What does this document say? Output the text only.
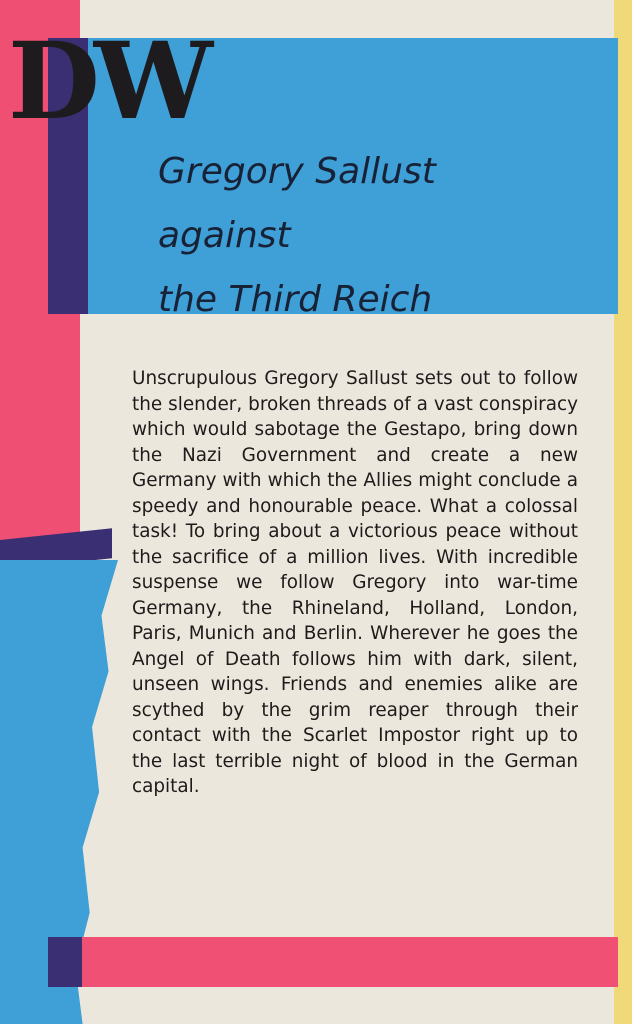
DW
Gregory Sallust
against
the Third Reich

Unscrupulous Gregory Sallust sets out to follow the slender, broken threads of a vast conspiracy which would sabotage the Gestapo, bring down the Nazi Government and create a new Germany with which the Allies might conclude a speedy and honourable peace. What a colossal task! To bring about a victorious peace without the sacrifice of a million lives. With incredible suspense we follow Gregory into war-time Germany, the Rhineland, Holland, London, Paris, Munich and Berlin. Wherever he goes the Angel of Death follows him with dark, silent, unseen wings. Friends and enemies alike are scythed by the grim reaper through their contact with the Scarlet Impostor right up to the last terrible night of blood in the German capital.
